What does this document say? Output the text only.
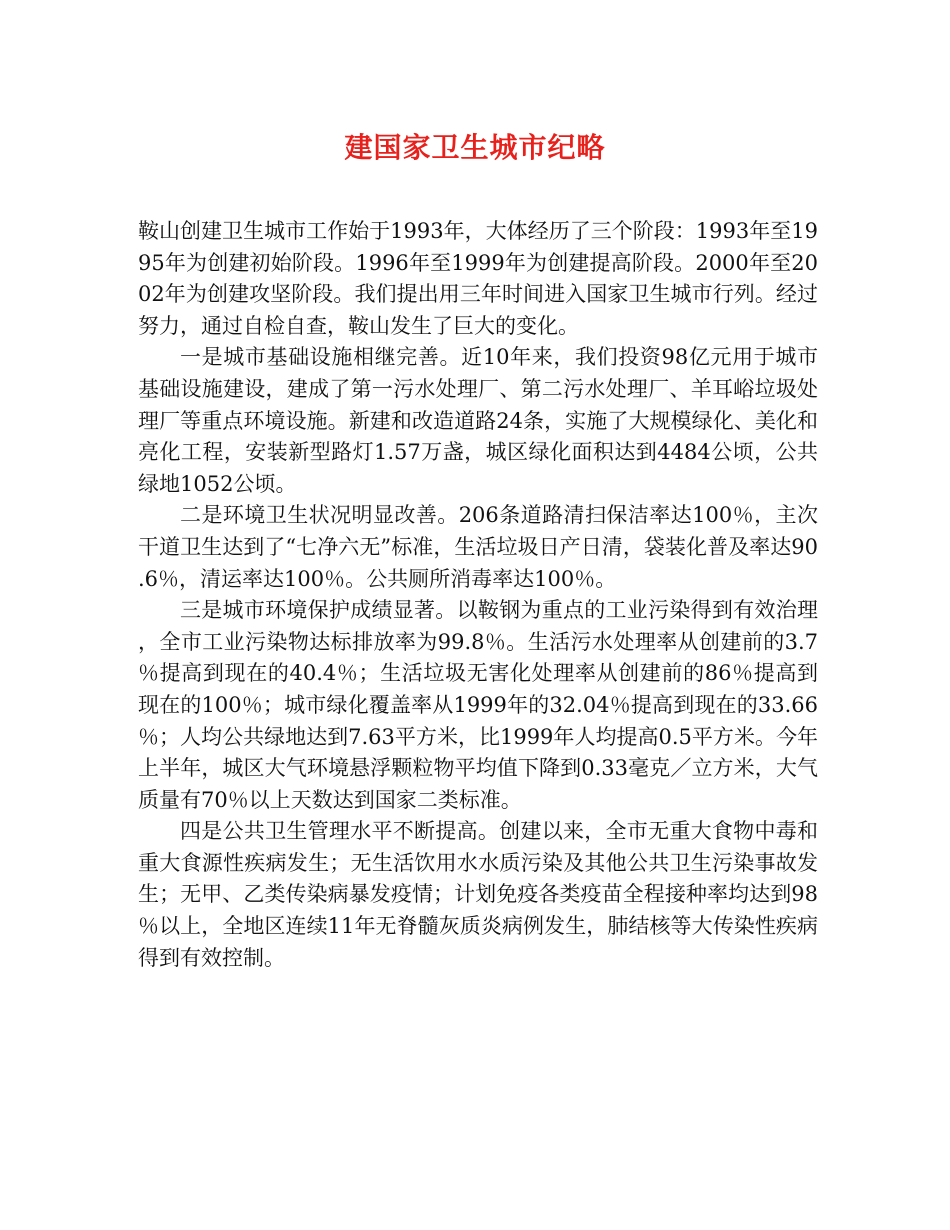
建国家卫生城市纪略

鞍山创建卫生城市工作始于1993年，大体经历了三个阶段：1993年至1995年为创建初始阶段。1996年至1999年为创建提高阶段。2000年至2002年为创建攻坚阶段。我们提出用三年时间进入国家卫生城市行列。经过努力，通过自检自查，鞍山发生了巨大的变化。

一是城市基础设施相继完善。近10年来，我们投资98亿元用于城市基础设施建设，建成了第一污水处理厂、第二污水处理厂、羊耳峪垃圾处理厂等重点环境设施。新建和改造道路24条，实施了大规模绿化、美化和亮化工程，安装新型路灯1.57万盏，城区绿化面积达到4484公顷，公共绿地1052公顷。

二是环境卫生状况明显改善。206条道路清扫保洁率达100％，主次干道卫生达到了“七净六无”标准，生活垃圾日产日清，袋装化普及率达90.6％，清运率达100％。公共厕所消毒率达100％。

三是城市环境保护成绩显著。以鞍钢为重点的工业污染得到有效治理，全市工业污染物达标排放率为99.8％。生活污水处理率从创建前的3.7％提高到现在的40.4％；生活垃圾无害化处理率从创建前的86％提高到现在的100％；城市绿化覆盖率从1999年的32.04％提高到现在的33.66％；人均公共绿地达到7.63平方米，比1999年人均提高0.5平方米。今年上半年，城区大气环境悬浮颗粒物平均值下降到0.33毫克／立方米，大气质量有70％以上天数达到国家二类标准。

四是公共卫生管理水平不断提高。创建以来，全市无重大食物中毒和重大食源性疾病发生；无生活饮用水水质污染及其他公共卫生污染事故发生；无甲、乙类传染病暴发疫情；计划免疫各类疫苗全程接种率均达到98％以上，全地区连续11年无脊髓灰质炎病例发生，肺结核等大传染性疾病得到有效控制。
